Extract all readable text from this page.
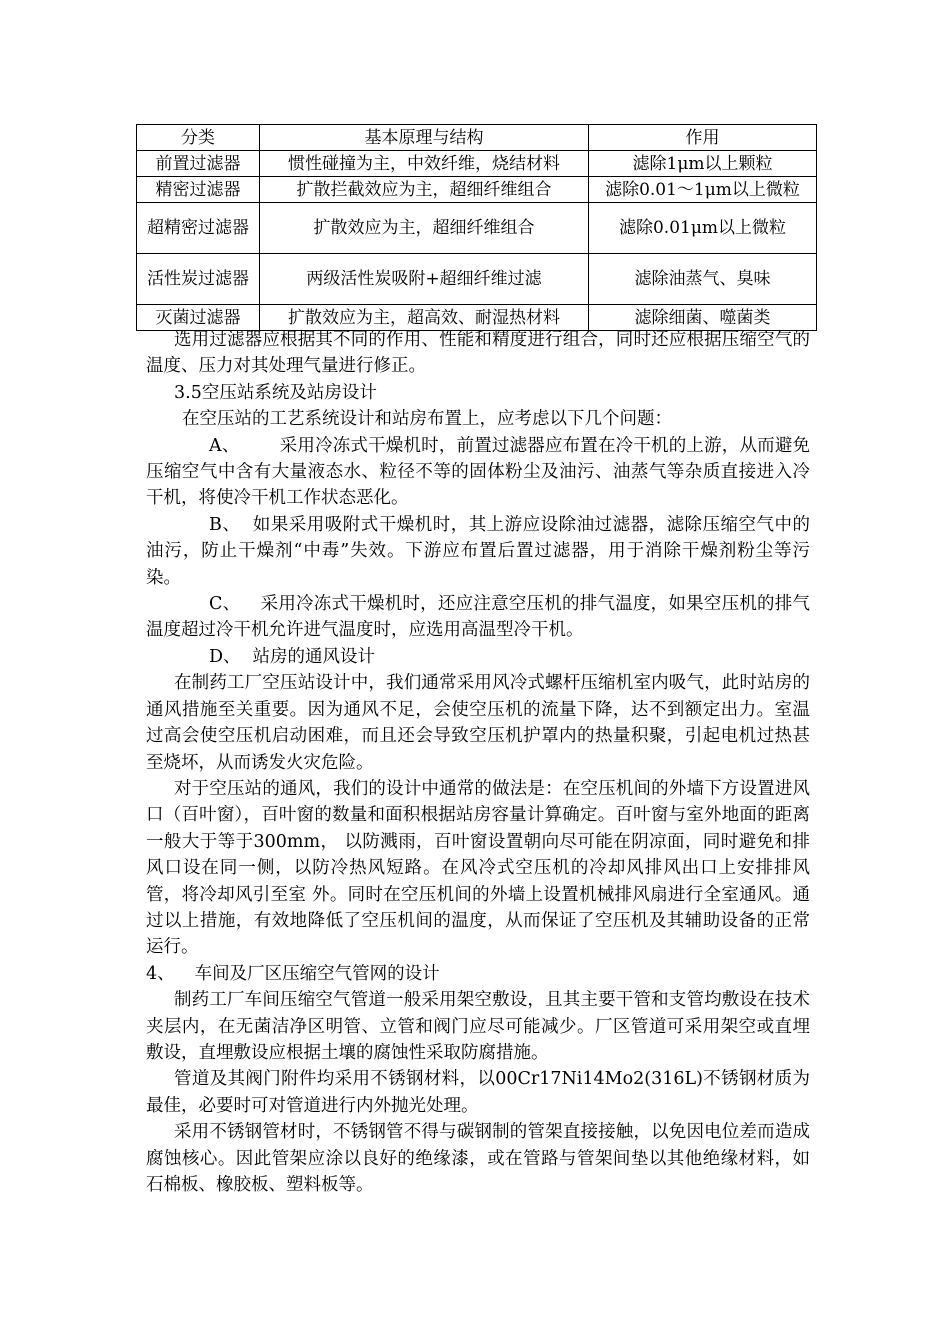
分类	基本原理与结构	作用
前置过滤器	惯性碰撞为主，中效纤维，烧结材料	滤除1μm以上颗粒
精密过滤器	扩散拦截效应为主，超细纤维组合	滤除0.01～1μm以上微粒
超精密过滤器	扩散效应为主，超细纤维组合	滤除0.01μm以上微粒
活性炭过滤器	两级活性炭吸附+超细纤维过滤	滤除油蒸气、臭味
灭菌过滤器	扩散效应为主，超高效、耐湿热材料	滤除细菌、噬菌类

选用过滤器应根据其不同的作用、性能和精度进行组合，同时还应根据压缩空气的温度、压力对其处理气量进行修正。

3.5空压站系统及站房设计

在空压站的工艺系统设计和站房布置上，应考虑以下几个问题：

A、 采用冷冻式干燥机时，前置过滤器应布置在冷干机的上游，从而避免压缩空气中含有大量液态水、粒径不等的固体粉尘及油污、油蒸气等杂质直接进入冷干机，将使冷干机工作状态恶化。

B、 如果采用吸附式干燥机时，其上游应设除油过滤器，滤除压缩空气中的油污，防止干燥剂“中毒”失效。下游应布置后置过滤器，用于消除干燥剂粉尘等污染。

C、 采用冷冻式干燥机时，还应注意空压机的排气温度，如果空压机的排气温度超过冷干机允许进气温度时，应选用高温型冷干机。

D、 站房的通风设计

在制药工厂空压站设计中，我们通常采用风冷式螺杆压缩机室内吸气，此时站房的通风措施至关重要。因为通风不足，会使空压机的流量下降，达不到额定出力。室温过高会使空压机启动困难，而且还会导致空压机护罩内的热量积聚，引起电机过热甚至烧坏，从而诱发火灾危险。

对于空压站的通风，我们的设计中通常的做法是：在空压机间的外墙下方设置进风口（百叶窗），百叶窗的数量和面积根据站房容量计算确定。百叶窗与室外地面的距离一般大于等于300mm， 以防溅雨，百叶窗设置朝向尽可能在阴凉面，同时避免和排风口设在同一侧，以防冷热风短路。在风冷式空压机的冷却风排风出口上安排排风管，将冷却风引至室 外。同时在空压机间的外墙上设置机械排风扇进行全室通风。通过以上措施，有效地降低了空压机间的温度，从而保证了空压机及其辅助设备的正常运行。

4、 车间及厂区压缩空气管网的设计

制药工厂车间压缩空气管道一般采用架空敷设，且其主要干管和支管均敷设在技术夹层内，在无菌洁净区明管、立管和阀门应尽可能减少。厂区管道可采用架空或直埋敷设，直埋敷设应根据土壤的腐蚀性采取防腐措施。

管道及其阀门附件均采用不锈钢材料，以00Cr17Ni14Mo2(316L)不锈钢材质为最佳，必要时可对管道进行内外抛光处理。

采用不锈钢管材时，不锈钢管不得与碳钢制的管架直接接触，以免因电位差而造成腐蚀核心。因此管架应涂以良好的绝缘漆，或在管路与管架间垫以其他绝缘材料，如石棉板、橡胶板、塑料板等。
